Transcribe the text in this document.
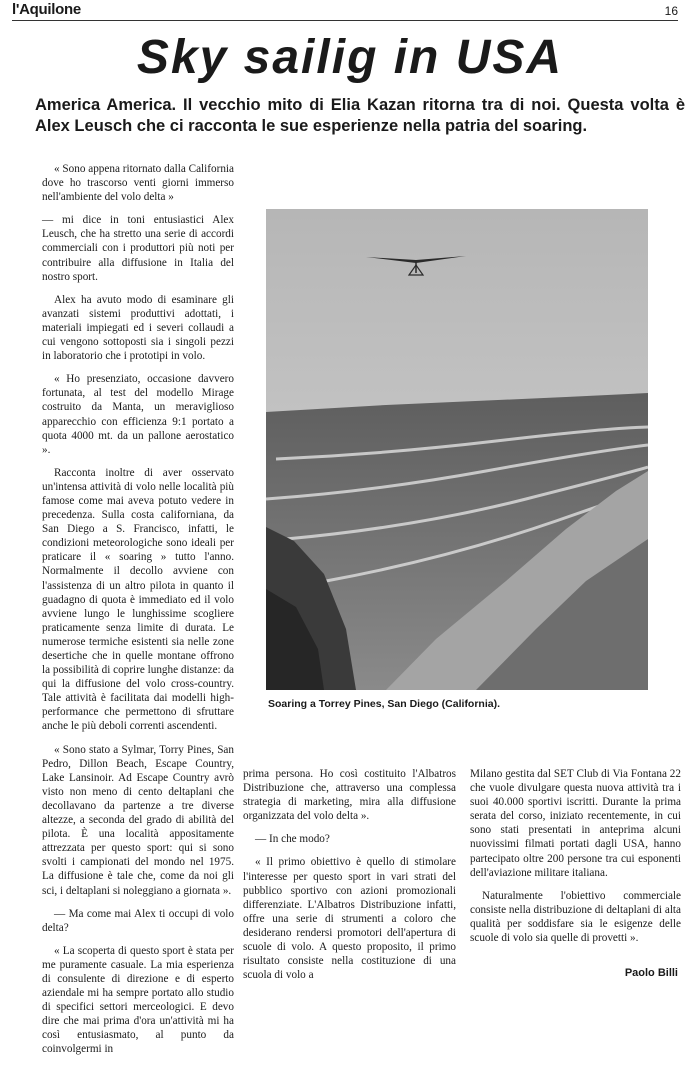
l'Aquilone	16
Sky sailig in USA

America America. Il vecchio mito di Elia Kazan ritorna tra di noi. Questa volta è Alex Leusch che ci racconta le sue esperienze nella patria del soaring.

« Sono appena ritornato dalla California dove ho trascorso venti giorni immerso nell'ambiente del volo delta »

— mi dice in toni entusiastici Alex Leusch, che ha stretto una serie di accordi commerciali con i produttori più noti per contribuire alla diffusione in Italia del nostro sport.

Alex ha avuto modo di esaminare gli avanzati sistemi produttivi adottati, i materiali impiegati ed i severi collaudi a cui vengono sottoposti sia i singoli pezzi in laboratorio che i prototipi in volo.

« Ho presenziato, occasione davvero fortunata, al test del modello Mirage costruito da Manta, un meraviglioso apparecchio con efficienza 9:1 portato a quota 4000 mt. da un pallone aerostatico ».

Racconta inoltre di aver osservato un'intensa attività di volo nelle località più famose come mai aveva potuto vedere in precedenza. Sulla costa californiana, da San Diego a S. Francisco, infatti, le condizioni meteorologiche sono ideali per praticare il « soaring » tutto l'anno. Normalmente il decollo avviene con l'assistenza di un altro pilota in quanto il guadagno di quota è immediato ed il volo avviene lungo le lunghissime scogliere praticamente senza limite di durata. Le numerose termiche esistenti sia nelle zone desertiche che in quelle montane offrono la possibilità di coprire lunghe distanze: da qui la diffusione del volo cross-country. Tale attività è facilitata dai modelli high-performance che permettono di sfruttare anche le più deboli correnti ascendenti.

« Sono stato a Sylmar, Torry Pines, San Pedro, Dillon Beach, Escape Country, Lake Lansinoir. Ad Escape Country avrò visto non meno di cento deltaplani che decollavano da partenze a tre diverse altezze, a seconda del grado di abilità del pilota. È una località appositamente attrezzata per questo sport: qui si sono svolti i campionati del mondo nel 1975. La diffusione è tale che, come da noi gli sci, i deltaplani si noleggiano a giornata ».

— Ma come mai Alex ti occupi di volo delta?

« La scoperta di questo sport è stata per me puramente casuale. La mia esperienza di consulente di direzione e di esperto aziendale mi ha sempre portato allo studio di specifici settori merceologici. E devo dire che mai prima d'ora un'attività mi ha così entusiasmato, al punto da coinvolgermi in

Soaring a Torrey Pines, San Diego (California).

prima persona. Ho così costituito l'Albatros Distribuzione che, attraverso una complessa strategia di marketing, mira alla diffusione organizzata del volo delta ».

— In che modo?

« Il primo obiettivo è quello di stimolare l'interesse per questo sport in vari strati del pubblico sportivo con azioni promozionali differenziate. L'Albatros Distribuzione infatti, offre una serie di strumenti a coloro che desiderano rendersi promotori dell'apertura di scuole di volo. A questo proposito, il primo risultato consiste nella costituzione di una scuola di volo a

Milano gestita dal SET Club di Via Fontana 22 che vuole divulgare questa nuova attività tra i suoi 40.000 sportivi iscritti. Durante la prima serata del corso, iniziato recentemente, in cui sono stati presentati in anteprima alcuni nuovissimi filmati portati dagli USA, hanno partecipato oltre 200 persone tra cui esponenti dell'aviazione militare italiana.

Naturalmente l'obiettivo commerciale consiste nella distribuzione di deltaplani di alta qualità per soddisfare sia le esigenze delle scuole di volo sia quelle di provetti ».

Paolo Billi
